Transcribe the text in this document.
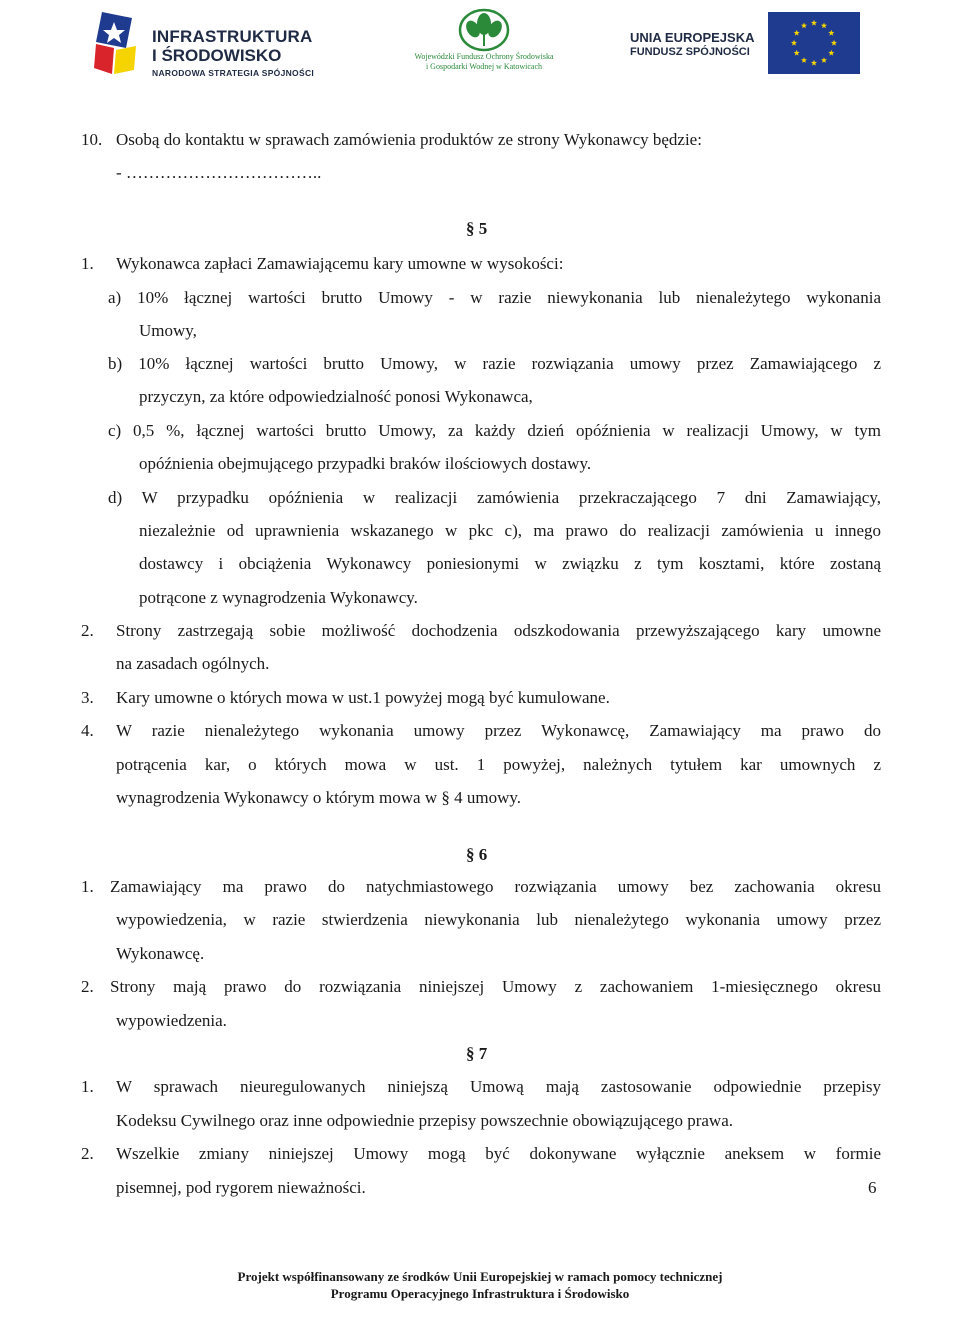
INFRASTRUKTURA
I ŚRODOWISKO
NARODOWA STRATEGIA SPÓJNOŚCI
Wojewódzki Fundusz Ochrony Środowiska
i Gospodarki Wodnej w Katowicach
UNIA EUROPEJSKA
FUNDUSZ SPÓJNOŚCI
10. Osobą do kontaktu w sprawach zamówienia produktów ze strony Wykonawcy będzie:
- ……………………………..
§ 5
1. Wykonawca zapłaci Zamawiającemu kary umowne w wysokości:
a) 10% łącznej wartości brutto Umowy - w razie niewykonania lub nienależytego wykonania
Umowy,
b) 10% łącznej wartości brutto Umowy, w razie rozwiązania umowy przez Zamawiającego z
przyczyn, za które odpowiedzialność ponosi Wykonawca,
c) 0,5 %, łącznej wartości brutto Umowy, za każdy dzień opóźnienia w realizacji Umowy, w tym
opóźnienia obejmującego przypadki braków ilościowych dostawy.
d) W przypadku opóźnienia w realizacji zamówienia przekraczającego 7 dni Zamawiający,
niezależnie od uprawnienia wskazanego w pkc c), ma prawo do realizacji zamówienia u innego
dostawcy i obciążenia Wykonawcy poniesionymi w związku z tym kosztami, które zostaną
potrącone z wynagrodzenia Wykonawcy.
2. Strony zastrzegają sobie możliwość dochodzenia odszkodowania przewyższającego kary umowne
na zasadach ogólnych.
3. Kary umowne o których mowa w ust.1 powyżej mogą być kumulowane.
4. W razie nienależytego wykonania umowy przez Wykonawcę, Zamawiający ma prawo do
potrącenia kar, o których mowa w ust. 1 powyżej, należnych tytułem kar umownych z
wynagrodzenia Wykonawcy o którym mowa w § 4 umowy.
§ 6
1. Zamawiający ma prawo do natychmiastowego rozwiązania umowy bez zachowania okresu
wypowiedzenia, w razie stwierdzenia niewykonania lub nienależytego wykonania umowy przez
Wykonawcę.
2. Strony mają prawo do rozwiązania niniejszej Umowy z zachowaniem 1-miesięcznego okresu
wypowiedzenia.
§ 7
1. W sprawach nieuregulowanych niniejszą Umową mają zastosowanie odpowiednie przepisy
Kodeksu Cywilnego oraz inne odpowiednie przepisy powszechnie obowiązującego prawa.
2. Wszelkie zmiany niniejszej Umowy mogą być dokonywane wyłącznie aneksem w formie
pisemnej, pod rygorem nieważności.	6
Projekt współfinansowany ze środków Unii Europejskiej w ramach pomocy technicznej
Programu Operacyjnego Infrastruktura i Środowisko
